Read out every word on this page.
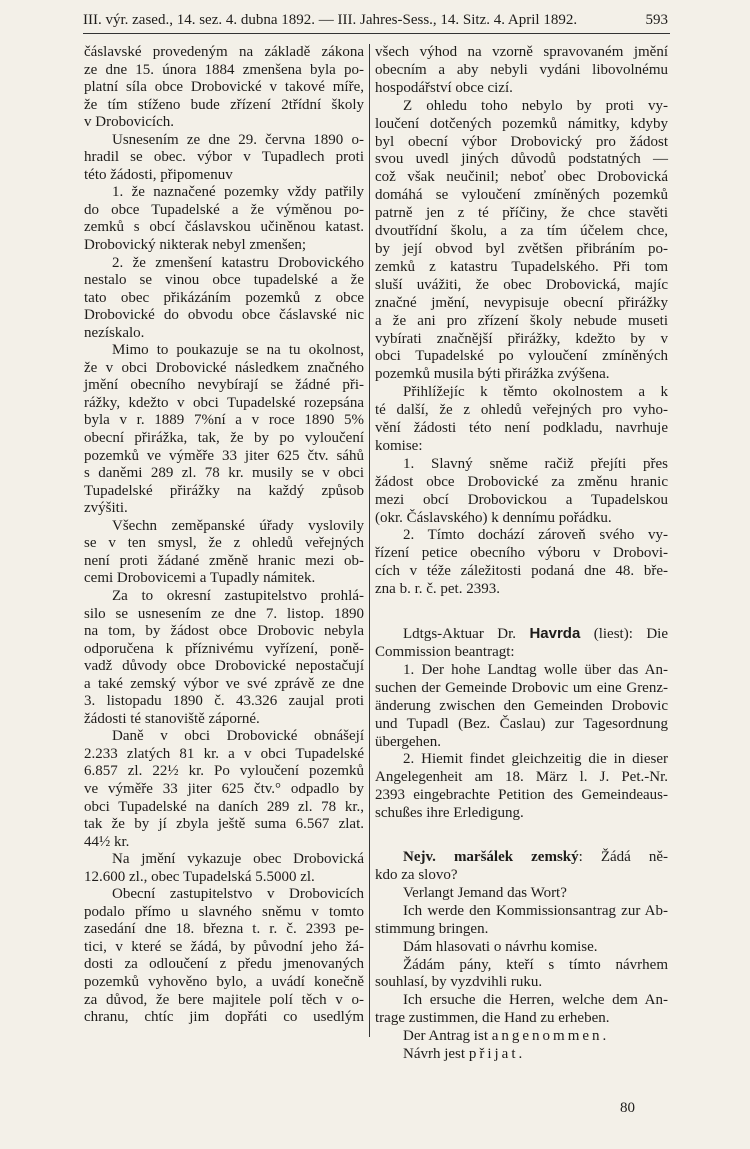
III. výr. zased., 14. sez. 4. dubna 1892. — III. Jahres-Sess., 14. Sitz. 4. April 1892.	593
čáslavské provedeným na základě zákona
ze dne 15. února 1884 zmenšena byla po-
platní síla obce Drobovické v takové míře,
že tím stíženo bude zřízení 2třídní školy
v Drobovicích.
Usnesením ze dne 29. června 1890 o-
hradil se obec. výbor v Tupadlech proti
této žádosti, připomenuv
1. že naznačené pozemky vždy patřily
do obce Tupadelské a že výměnou po-
zemků s obcí čáslavskou učiněnou katast.
Drobovický nikterak nebyl zmenšen;
2. že zmenšení katastru Drobovického
nestalo se vinou obce tupadelské a že
tato obec přikázáním pozemků z obce
Drobovické do obvodu obce čáslavské nic
nezískalo.
Mimo to poukazuje se na tu okolnost,
že v obci Drobovické následkem značného
jmění obecního nevybírají se žádné při-
rážky, kdežto v obci Tupadelské rozepsána
byla v r. 1889 7%ní a v roce 1890 5%
obecní přirážka, tak, že by po vyloučení
pozemků ve výměře 33 jiter 625 čtv. sáhů
s daněmi 289 zl. 78 kr. musily se v obci
Tupadelské přirážky na každý způsob
zvýšiti.
Všechn zeměpanské úřady vyslovily
se v ten smysl, že z ohledů veřejných
není proti žádané změně hranic mezi ob-
cemi Drobovicemi a Tupadly námitek.
Za to okresní zastupitelstvo prohlá-
silo se usnesením ze dne 7. listop. 1890
na tom, by žádost obce Drobovic nebyla
odporučena k příznivému vyřízení, poně-
vadž důvody obce Drobovické nepostačují
a také zemský výbor ve své zprávě ze dne
3. listopadu 1890 č. 43.326 zaujal proti
žádosti té stanoviště záporné.
Daně v obci Drobovické obnášejí
2.233 zlatých 81 kr. a v obci Tupadelské
6.857 zl. 22½ kr. Po vyloučení pozemků
ve výměře 33 jiter 625 čtv.° odpadlo by
obci Tupadelské na daních 289 zl. 78 kr.,
tak že by jí zbyla ještě suma 6.567 zlat.
44½ kr.
Na jmění vykazuje obec Drobovická
12.600 zl., obec Tupadelská 5.5000 zl.
Obecní zastupitelstvo v Drobovicích
podalo přímo u slavného sněmu v tomto
zasedání dne 18. března t. r. č. 2393 pe-
tici, v které se žádá, by původní jeho žá-
dosti za odloučení z předu jmenovaných
pozemků vyhověno bylo, a uvádí konečně
za důvod, že bere majitele polí těch v o-
chranu, chtíc jim dopřáti co usedlým
všech výhod na vzorně spravovaném jmění
obecním a aby nebyli vydáni libovolnému
hospodářství obce cizí.
Z ohledu toho nebylo by proti vy-
loučení dotčených pozemků námitky, kdyby
byl obecní výbor Drobovický pro žádost
svou uvedl jiných důvodů podstatných —
což však neučinil; neboť obec Drobovická
domáhá se vyloučení zmíněných pozemků
patrně jen z té příčiny, že chce stavěti
dvoutřídní školu, a za tím účelem chce,
by její obvod byl zvětšen přibráním po-
zemků z katastru Tupadelského. Při tom
sluší uvážiti, že obec Drobovická, majíc
značné jmění, nevypisuje obecní přirážky
a že ani pro zřízení školy nebude museti
vybírati značnější přirážky, kdežto by v
obci Tupadelské po vyloučení zmíněných
pozemků musila býti přirážka zvýšena.
Přihlížejíc k těmto okolnostem a k
té další, že z ohledů veřejných pro vyho-
vění žádosti této není podkladu, navrhuje
komise:
1. Slavný sněme račiž přejíti přes
žádost obce Drobovické za změnu hranic
mezi obcí Drobovickou a Tupadelskou
(okr. Čáslavského) k dennímu pořádku.
2. Tímto dochází zároveň svého vy-
řízení petice obecního výboru v Drobovi-
cích v téže záležitosti podaná dne 48. bře-
zna b. r. č. pet. 2393.
Ldtgs-Aktuar Dr. Havrda (liest): Die
Commission beantragt:
1. Der hohe Landtag wolle über das An-
suchen der Gemeinde Drobovic um eine Grenz-
änderung zwischen den Gemeinden Drobovic
und Tupadl (Bez. Časlau) zur Tagesordnung
übergehen.
2. Hiemit findet gleichzeitig die in dieser
Angelegenheit am 18. März l. J. Pet.-Nr.
2393 eingebrachte Petition des Gemeindeaus-
schußes ihre Erledigung.
Nejv. maršálek zemský: Žádá ně-
kdo za slovo?
Verlangt Jemand das Wort?
Ich werde den Kommissionsantrag zur Ab-
stimmung bringen.
Dám hlasovati o návrhu komise.
Žádám pány, kteří s tímto návrhem
souhlasí, by vyzdvihli ruku.
Ich ersuche die Herren, welche dem An-
trage zustimmen, die Hand zu erheben.
Der Antrag ist angenommen.
Návrh jest přijat.
80
